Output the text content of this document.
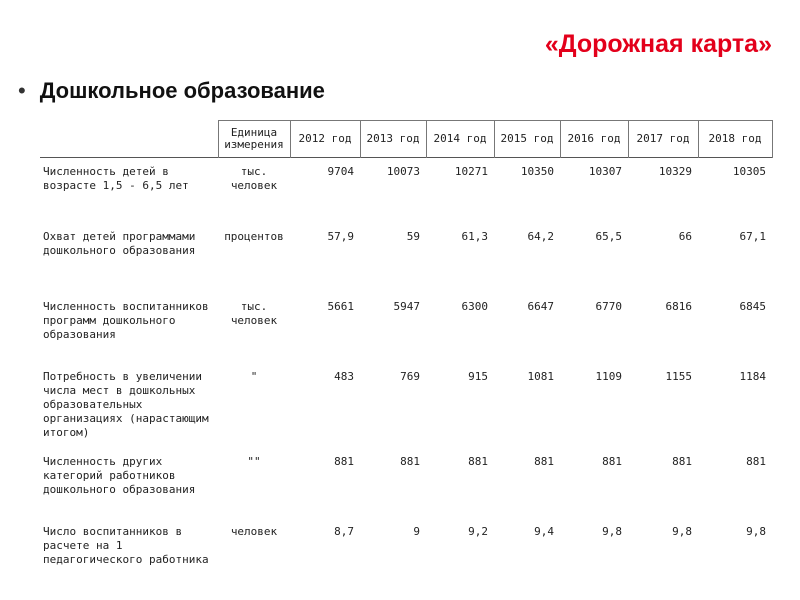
«Дорожная карта»
• Дошкольное образование
	Единица измерения	2012 год	2013 год	2014 год	2015 год	2016 год	2017 год	2018 год
Численность детей в возрасте 1,5 - 6,5 лет	тыс. человек	9704	10073	10271	10350	10307	10329	10305
Охват детей программами дошкольного образования	процентов	57,9	59	61,3	64,2	65,5	66	67,1
Численность воспитанников программ дошкольного образования	тыс. человек	5661	5947	6300	6647	6770	6816	6845
Потребность в увеличении числа мест в дошкольных образовательных организациях (нарастающим итогом)	"	483	769	915	1081	1109	1155	1184
Численность других категорий работников дошкольного образования	""	881	881	881	881	881	881	881
Число воспитанников в расчете на 1 педагогического работника	человек	8,7	9	9,2	9,4	9,8	9,8	9,8
